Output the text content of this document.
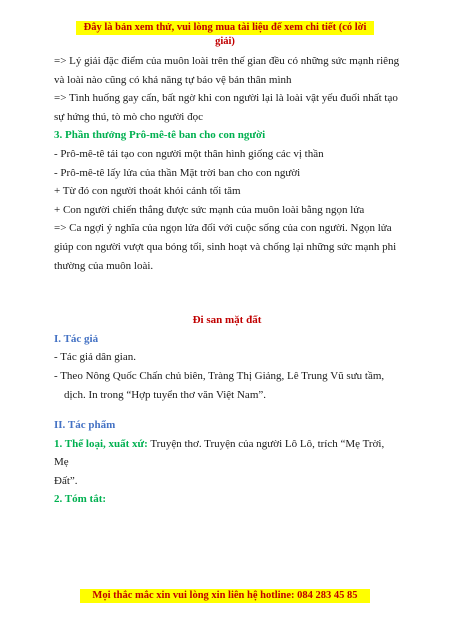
Đây là bản xem thử, vui lòng mua tài liệu để xem chi tiết (có lời giải)

=> Lý giải đặc điểm của muôn loài trên thế gian đều có những sức mạnh riêng

và loài nào cũng có khả năng tự bảo vệ bản thân mình

=> Tình huống gay cấn, bất ngờ khi con người lại là loài vật yếu đuối nhất tạo

sự hứng thú, tò mò cho người đọc

3. Phần thưởng Prô-mê-tê ban cho con người

- Prô-mê-tê tái tạo con người một thân hình giống các vị thần

- Prô-mê-tê lấy lửa của thần Mặt trời ban cho con người

+ Từ đó con người thoát khỏi cảnh tối tăm

+ Con người chiến thắng được sức mạnh của muôn loài bằng ngọn lửa

=> Ca ngợi ý nghĩa của ngọn lửa đối với cuộc sống của con người. Ngọn lửa

giúp con người vượt qua bóng tối, sinh hoạt và chống lại những sức mạnh phi

thường của muôn loài.

Đi san mặt đất

I. Tác giả

- Tác giả dân gian.

- Theo Nông Quốc Chấn chủ biên, Tràng Thị Giảng, Lê Trung Vũ sưu tầm,

dịch. In trong “Hợp tuyển thơ văn Việt Nam”.

II. Tác phẩm

1. Thể loại, xuất xứ: Truyện thơ. Truyện của người Lô Lô, trích “Mẹ Trời, Mẹ

Đất”.

2. Tóm tắt:

Mọi thắc mắc xin vui lòng xin liên hệ hotline: 084 283 45 85
